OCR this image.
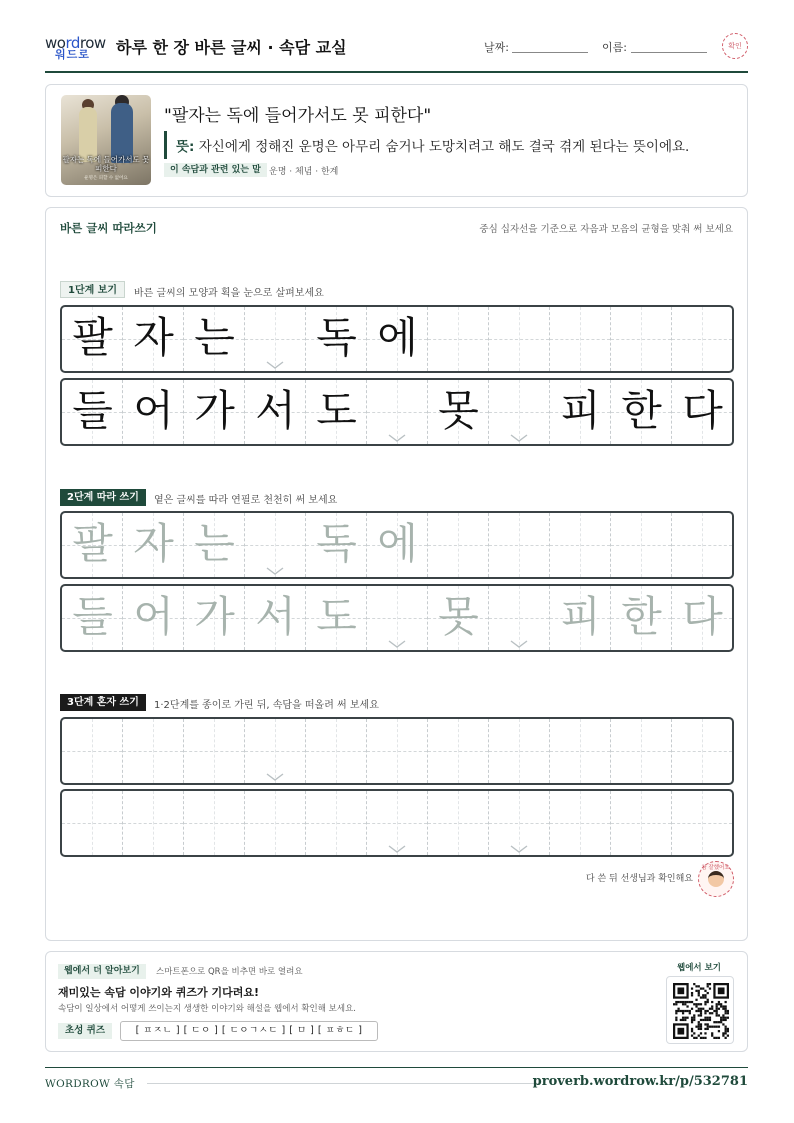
wordrow
워드로 하루 한 장 바른 글씨 · 속담 교실	날짜:	이름:	확인
팔자는 독에 들어가서도 못 피한다
운명은 피할 수 없어요
"팔자는 독에 들어가서도 못 피한다"
뜻: 자신에게 정해진 운명은 아무리 숨거나 도망치려고 해도 결국 겪게 된다는 뜻이에요.
이 속담과 관련 있는 말 운명 · 체념 · 한계
바른 글씨 따라쓰기	중심 십자선을 기준으로 자음과 모음의 균형을 맞춰 써 보세요
1단계 보기	바른 글씨의 모양과 획을 눈으로 살펴보세요
팔 자 는 독 에
들 어 가 서 도 못 피 한 다
2단계 따라 쓰기	옅은 글씨를 따라 연필로 천천히 써 보세요
팔 자 는 독 에
들 어 가 서 도 못 피 한 다
3단계 혼자 쓰기	1·2단계를 종이로 가린 뒤, 속담을 떠올려 써 보세요
다 쓴 뒤 선생님과 확인해요
참 잘했어요
웹에서 더 알아보기	스마트폰으로 QR을 비추면 바로 열려요
재미있는 속담 이야기와 퀴즈가 기다려요!
속담이 일상에서 어떻게 쓰이는지 생생한 이야기와 해설을 웹에서 확인해 보세요.
초성 퀴즈	[ ㅍㅈㄴ ] [ ㄷㅇ ] [ ㄷㅇㄱㅅㄷ ] [ ㅁ ] [ ㅍㅎㄷ ]
웹에서 보기
WORDROW 속담	proverb.wordrow.kr/p/532781
